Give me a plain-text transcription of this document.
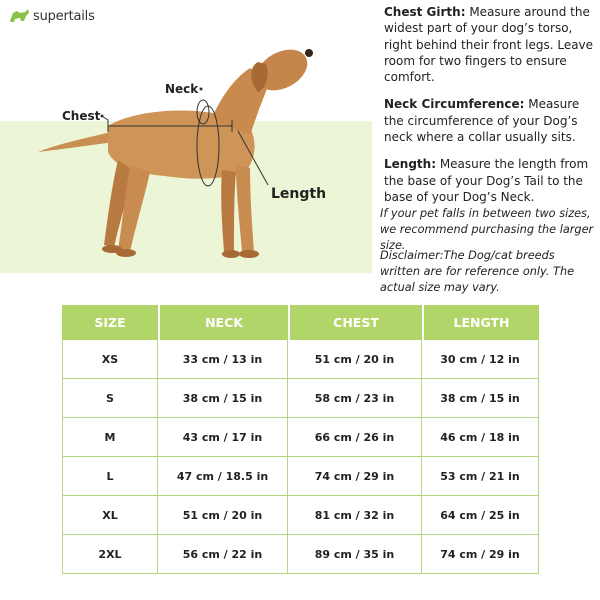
supertails
Neck
Chest
Length

Chest Girth: Measure around the widest part of your dog’s torso, right behind their front legs. Leave room for two fingers to ensure comfort.

Neck Circumference: Measure the circumference of your Dog’s neck where a collar usually sits.

Length: Measure the length from the base of your Dog’s Tail to the base of your Dog’s Neck.

If your pet falls in between two sizes, we recommend purchasing the larger size.
Disclaimer:The Dog/cat breeds written are for reference only. The actual size may vary.
SIZE	NECK	CHEST	LENGTH
XS	33 cm / 13 in	51 cm / 20 in	30 cm / 12 in
S	38 cm / 15 in	58 cm / 23 in	38 cm / 15 in
M	43 cm / 17 in	66 cm / 26 in	46 cm / 18 in
L	47 cm / 18.5 in	74 cm / 29 in	53 cm / 21 in
XL	51 cm / 20 in	81 cm / 32 in	64 cm / 25 in
2XL	56 cm / 22 in	89 cm / 35 in	74 cm / 29 in
